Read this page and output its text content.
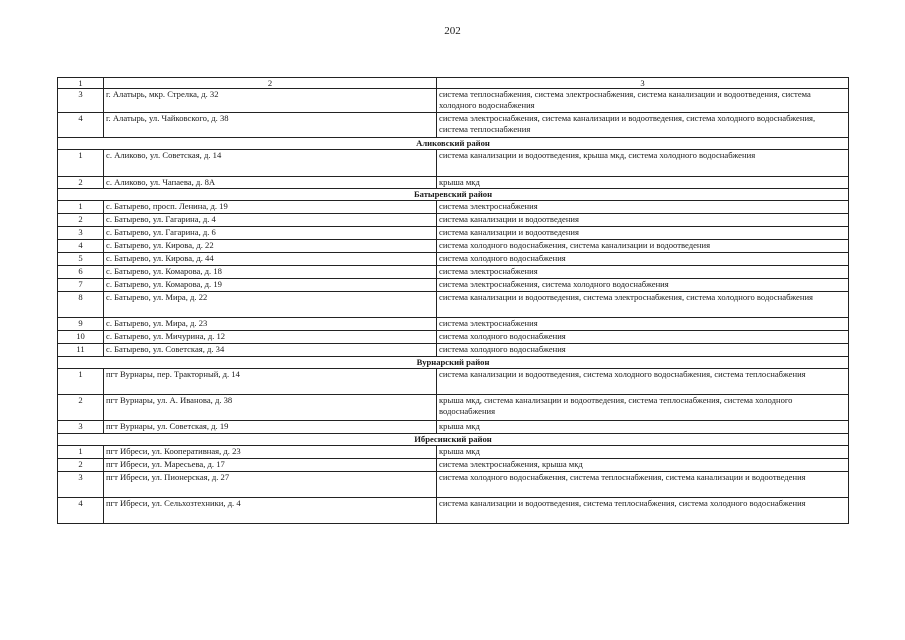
202
1	2	3
3	г. Алатырь, мкр. Стрелка, д. 32	система теплоснабжения, система электроснабжения, система канализации и водоотведения, система холодного водоснабжения
4	г. Алатырь, ул. Чайковского, д. 38	система электроснабжения, система канализации и водоотведения, система холодного водоснабжения, система теплоснабжения
Аликовский район		
1	с. Аликово, ул. Советская, д. 14	система канализации и водоотведения, крыша мкд, система холодного водоснабжения
2	с. Аликово, ул. Чапаева, д. 8А	крыша мкд
Батыревский район		
1	с. Батырево, просп. Ленина, д. 19	система электроснабжения
2	с. Батырево, ул. Гагарина, д. 4	система канализации и водоотведения
3	с. Батырево, ул. Гагарина, д. 6	система канализации и водоотведения
4	с. Батырево, ул. Кирова, д. 22	система холодного водоснабжения, система канализации и водоотведения
5	с. Батырево, ул. Кирова, д. 44	система холодного водоснабжения
6	с. Батырево, ул. Комарова, д. 18	система электроснабжения
7	с. Батырево, ул. Комарова, д. 19	система электроснабжения, система холодного водоснабжения
8	с. Батырево, ул. Мира, д. 22	система канализации и водоотведения, система электроснабжения, система холодного водоснабжения
9	с. Батырево, ул. Мира, д. 23	система электроснабжения
10	с. Батырево, ул. Мичурина, д. 12	система холодного водоснабжения
11	с. Батырево, ул. Советская, д. 34	система холодного водоснабжения
Вурнарский район		
1	пгт Вурнары, пер. Тракторный, д. 14	система канализации и водоотведения, система холодного водоснабжения, система теплоснабжения
2	пгт Вурнары, ул. А. Иванова, д. 38	крыша мкд, система канализации и водоотведения, система теплоснабжения, система холодного водоснабжения
3	пгт Вурнары, ул. Советская, д. 19	крыша мкд
Ибресинский район		
1	пгт Ибреси, ул. Кооперативная, д. 23	крыша мкд
2	пгт Ибреси, ул. Маресьева, д. 17	система электроснабжения, крыша мкд
3	пгт Ибреси, ул. Пионерская, д. 27	система холодного водоснабжения, система теплоснабжения, система канализации и водоотведения
4	пгт Ибреси, ул. Сельхозтехники, д. 4	система канализации и водоотведения, система теплоснабжения, система холодного водоснабжения
